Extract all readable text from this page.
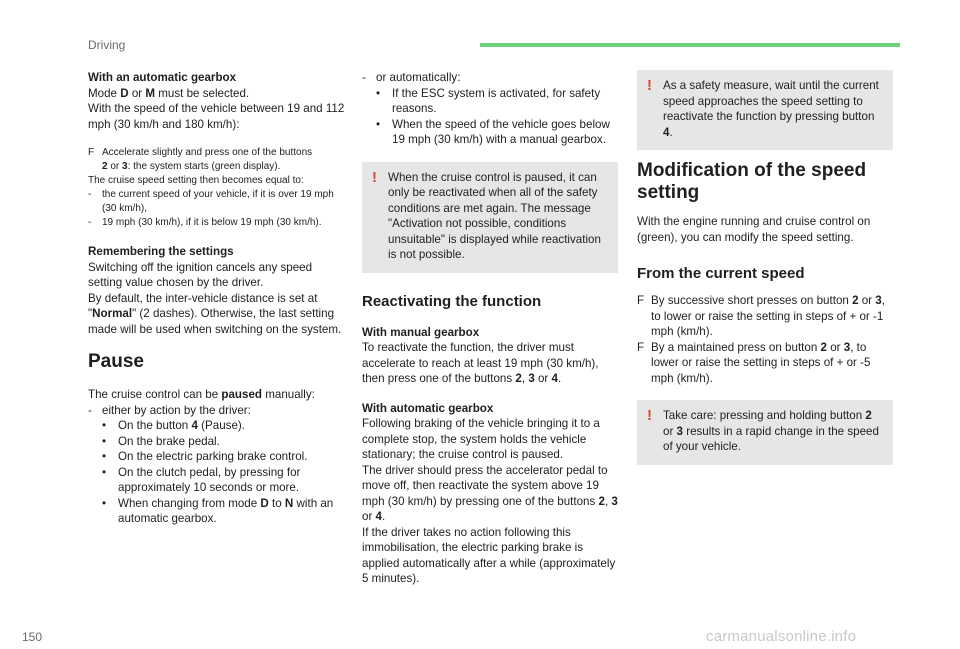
Driving

With an automatic gearbox

Mode D or M must be selected.

With the speed of the vehicle between 19 and 112 mph (30 km/h and 180 km/h):

F Accelerate slightly and press one of the buttons
2 or 3: the system starts (green display).

The cruise speed setting then becomes equal to:

- the current speed of your vehicle, if it is over 19 mph (30 km/h),
- 19 mph (30 km/h), if it is below 19 mph (30 km/h).

Remembering the settings

Switching off the ignition cancels any speed setting value chosen by the driver.

By default, the inter-vehicle distance is set at "Normal" (2 dashes). Otherwise, the last setting made will be used when switching on the system.

Pause

The cruise control can be paused manually:

- either by action by the driver:
• On the button 4 (Pause).
• On the brake pedal.
• On the electric parking brake control.
• On the clutch pedal, by pressing for approximately 10 seconds or more.
• When changing from mode D to N with an automatic gearbox.
- or automatically:
• If the ESC system is activated, for safety reasons.
• When the speed of the vehicle goes below 19 mph (30 km/h) with a manual gearbox.
! When the cruise control is paused, it can only be reactivated when all of the safety conditions are met again. The message "Activation not possible, conditions unsuitable" is displayed while reactivation is not possible.

Reactivating the function

With manual gearbox

To reactivate the function, the driver must accelerate to reach at least 19 mph (30 km/h), then press one of the buttons 2, 3 or 4.

With automatic gearbox

Following braking of the vehicle bringing it to a complete stop, the system holds the vehicle stationary; the cruise control is paused.

The driver should press the accelerator pedal to move off, then reactivate the system above 19 mph (30 km/h) by pressing one of the buttons 2, 3 or 4.

If the driver takes no action following this immobilisation, the electric parking brake is applied automatically after a while (approximately 5 minutes).

! As a safety measure, wait until the current speed approaches the speed setting to reactivate the function by pressing button 4.

Modification of the speed setting

With the engine running and cruise control on (green), you can modify the speed setting.

From the current speed

F By successive short presses on button 2 or 3, to lower or raise the setting in steps of + or -1 mph (km/h).
F By a maintained press on button 2 or 3, to lower or raise the setting in steps of + or -5 mph (km/h).
! Take care: pressing and holding button 2 or 3 results in a rapid change in the speed of your vehicle.
150	carmanualsonline.info
